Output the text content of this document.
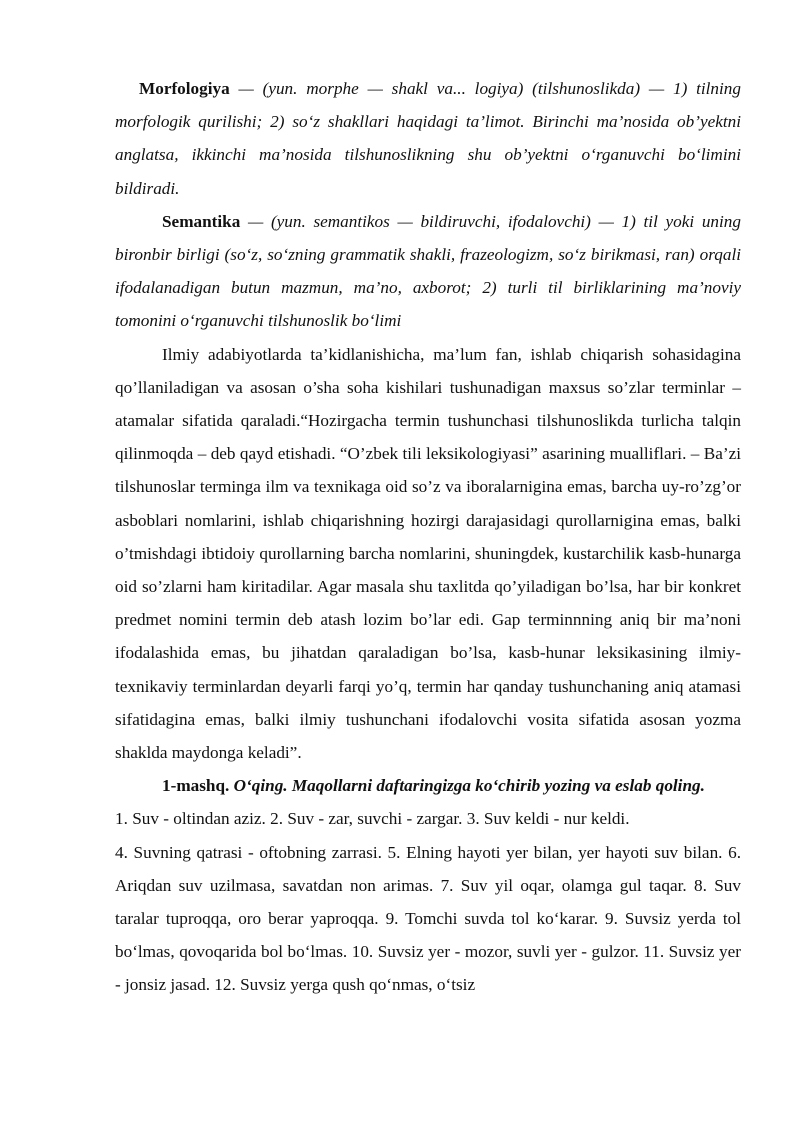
Morfologiya — (yun. morphe — shakl va... logiya) (tilshunoslikda) — 1) tilning morfologik qurilishi; 2) so‘z shakllari haqidagi ta’limot. Birinchi ma’nosida ob’yektni anglatsa, ikkinchi ma’nosida tilshunoslikning shu ob’yektni o‘rganuvchi bo‘limini bildiradi.

Semantika — (yun. semantikos — bildiruvchi, ifodalovchi) — 1) til yoki uning bironbir birligi (so‘z, so‘zning grammatik shakli, frazeologizm, so‘z birikmasi, ran) orqali ifodalanadigan butun mazmun, ma’no, axborot; 2) turli til birliklarining ma’noviy tomonini o‘rganuvchi tilshunoslik bo‘limi

Ilmiy adabiyotlarda ta’kidlanishicha, ma’lum fan, ishlab chiqarish sohasidagina qo’llaniladigan va asosan o’sha soha kishilari tushunadigan maxsus so’zlar terminlar – atamalar sifatida qaraladi.“Hozirgacha termin tushunchasi tilshunoslikda turlicha talqin qilinmoqda – deb qayd etishadi. “O’zbek tili leksikologiyasi” asarining mualliflari. – Ba’zi tilshunoslar terminga ilm va texnikaga oid so’z va iboralarnigina emas, barcha uy-ro’zg’or asboblari nomlarini, ishlab chiqarishning hozirgi darajasidagi qurollarnigina emas, balki o’tmishdagi ibtidoiy qurollarning barcha nomlarini, shuningdek, kustarchilik kasb-hunarga oid so’zlarni ham kiritadilar. Agar masala shu taxlitda qo’yiladigan bo’lsa, har bir konkret predmet nomini termin deb atash lozim bo’lar edi. Gap terminnning aniq bir ma’noni ifodalashida emas, bu jihatdan qaraladigan bo’lsa, kasb-hunar leksikasining ilmiy-texnikaviy terminlardan deyarli farqi yo’q, termin har qanday tushunchaning aniq atamasi sifatidagina emas, balki ilmiy tushunchani ifodalovchi vosita sifatida asosan yozma shaklda maydonga keladi”.

1-mashq. O‘qing. Maqollarni daftaringizga ko‘chirib yozing va eslab qoling.

1. Suv - oltindan aziz. 2. Suv - zar, suvchi - zargar. 3. Suv keldi - nur keldi.

4. Suvning qatrasi - oftobning zarrasi. 5. Elning hayoti yer bilan, yer hayoti suv bilan. 6. Ariqdan suv uzilmasa, savatdan non arimas. 7. Suv yil oqar, olamga gul taqar. 8. Suv taralar tuproqqa, oro berar yaproqqa. 9. Tomchi suvda tol ko‘karar. 9. Suvsiz yerda tol bo‘lmas, qovoqarida bol bo‘lmas. 10. Suvsiz yer - mozor, suvli yer - gulzor. 11. Suvsiz yer - jonsiz jasad. 12. Suvsiz yerga qush qo‘nmas, o‘tsiz
